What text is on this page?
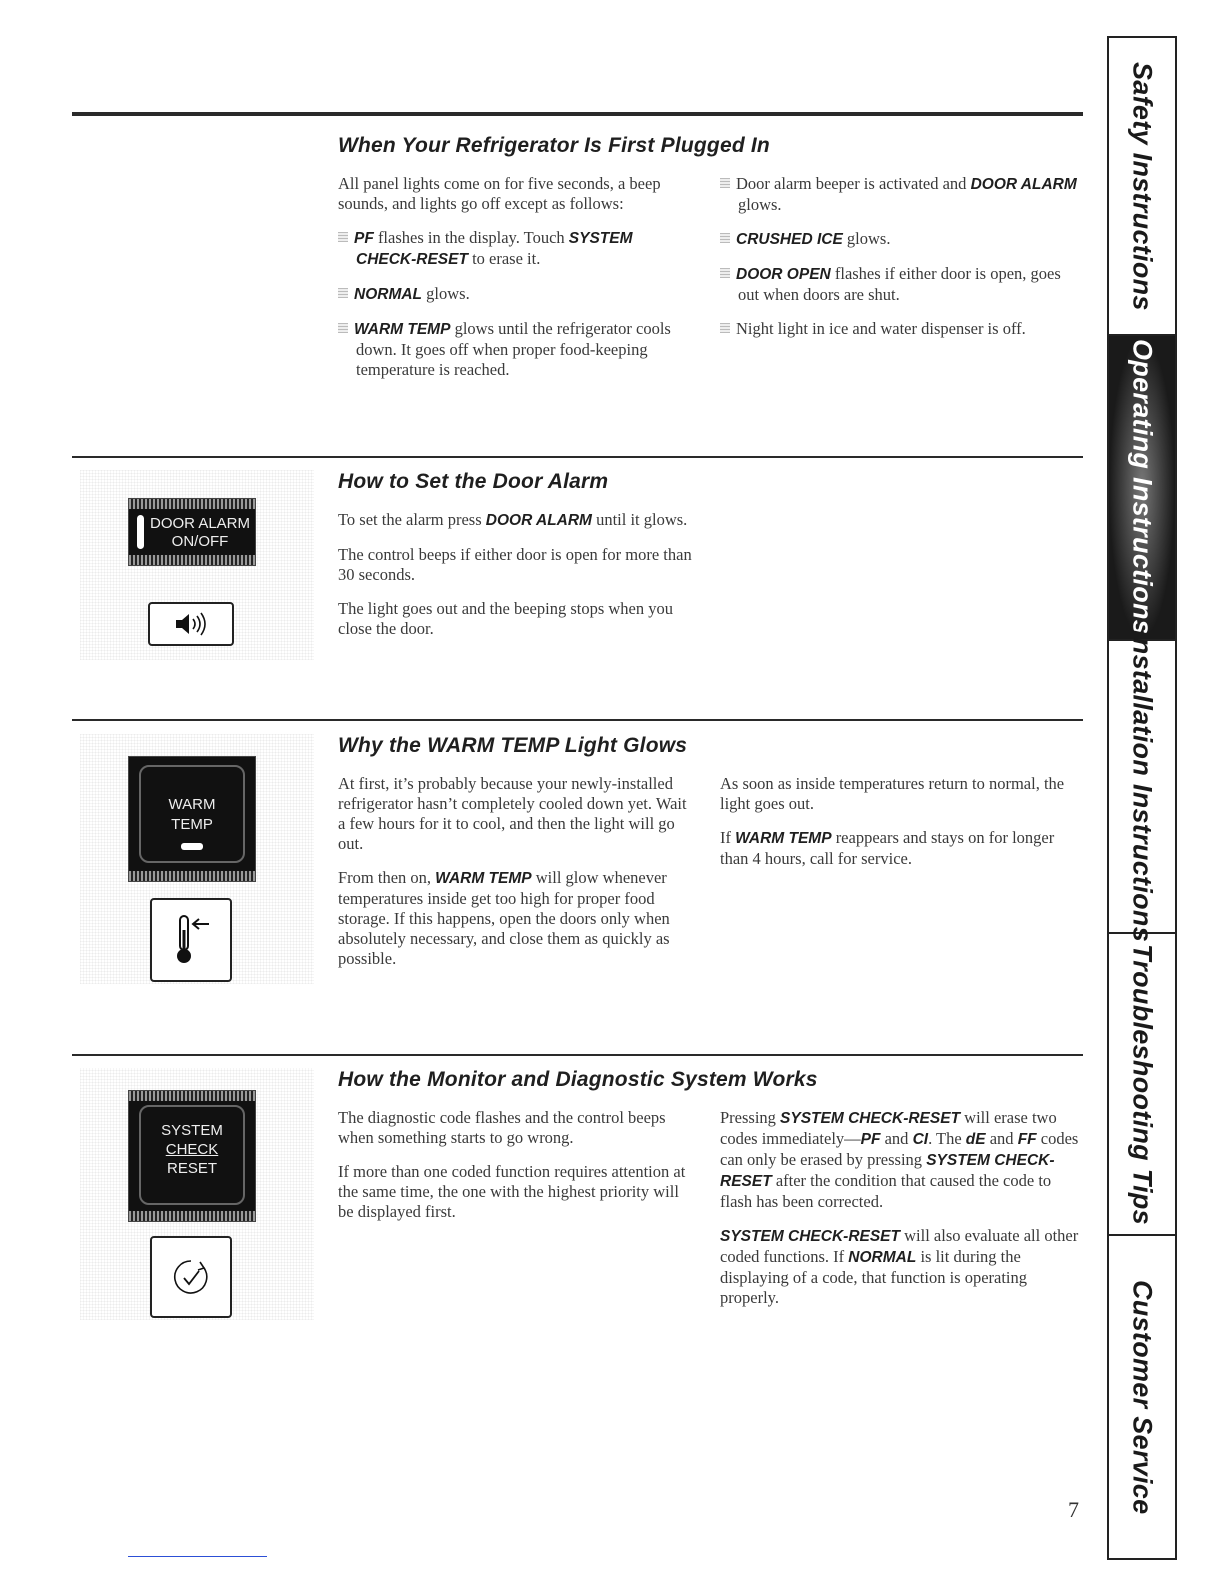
When Your Refrigerator Is First Plugged In

All panel lights come on for five seconds, a beep sounds, and lights go off except as follows:

PF flashes in the display. Touch SYSTEM CHECK-RESET to erase it.

NORMAL glows.

WARM TEMP glows until the refrigerator cools down. It goes off when proper food-keeping temperature is reached.

Door alarm beeper is activated and DOOR ALARM glows.

CRUSHED ICE glows.

DOOR OPEN flashes if either door is open, goes out when doors are shut.

Night light in ice and water dispenser is off.

How to Set the Door Alarm
DOOR ALARM
ON/OFF

To set the alarm press DOOR ALARM until it glows.

The control beeps if either door is open for more than 30 seconds.

The light goes out and the beeping stops when you close the door.

Why the WARM TEMP Light Glows
WARM
TEMP

At first, it’s probably because your newly-installed refrigerator hasn’t completely cooled down yet. Wait a few hours for it to cool, and then the light will go out.

From then on, WARM TEMP will glow whenever temperatures inside get too high for proper food storage. If this happens, open the doors only when absolutely necessary, and close them as quickly as possible.

As soon as inside temperatures return to normal, the light goes out.

If WARM TEMP reappears and stays on for longer than 4 hours, call for service.

How the Monitor and Diagnostic System Works
SYSTEM
CHECK
RESET

The diagnostic code flashes and the control beeps when something starts to go wrong.

If more than one coded function requires attention at the same time, the one with the highest priority will be displayed first.

Pressing SYSTEM CHECK-RESET will erase two codes immediately—PF and CI. The dE and FF codes can only be erased by pressing SYSTEM CHECK-RESET after the condition that caused the code to flash has been corrected.

SYSTEM CHECK-RESET will also evaluate all other coded functions. If NORMAL is lit during the displaying of a code, that function is operating properly.

Safety Instructions
Operating Instructions
Installation Instructions
Troubleshooting Tips
Customer Service
7
